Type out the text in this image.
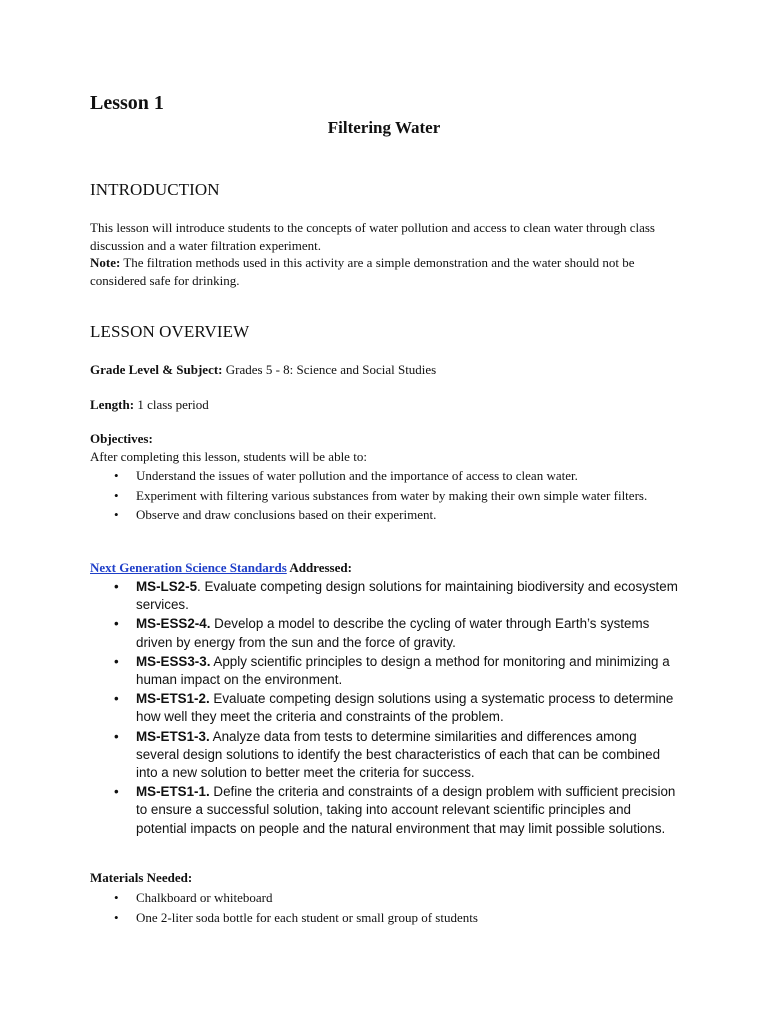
Lesson 1
Filtering Water
INTRODUCTION
This lesson will introduce students to the concepts of water pollution and access to clean water through class discussion and a water filtration experiment.
Note: The filtration methods used in this activity are a simple demonstration and the water should not be considered safe for drinking.
LESSON OVERVIEW
Grade Level & Subject: Grades 5 - 8: Science and Social Studies
Length: 1 class period
Objectives:
After completing this lesson, students will be able to:
• Understand the issues of water pollution and the importance of access to clean water.
• Experiment with filtering various substances from water by making their own simple water filters.
• Observe and draw conclusions based on their experiment.
Next Generation Science Standards Addressed:
• MS-LS2-5. Evaluate competing design solutions for maintaining biodiversity and ecosystem services.
• MS-ESS2-4. Develop a model to describe the cycling of water through Earth’s systems driven by energy from the sun and the force of gravity.
• MS-ESS3-3. Apply scientific principles to design a method for monitoring and minimizing a human impact on the environment.
• MS-ETS1-2. Evaluate competing design solutions using a systematic process to determine how well they meet the criteria and constraints of the problem.
• MS-ETS1-3. Analyze data from tests to determine similarities and differences among several design solutions to identify the best characteristics of each that can be combined into a new solution to better meet the criteria for success.
• MS-ETS1-1. Define the criteria and constraints of a design problem with sufficient precision to ensure a successful solution, taking into account relevant scientific principles and potential impacts on people and the natural environment that may limit possible solutions.
Materials Needed:
• Chalkboard or whiteboard
• One 2-liter soda bottle for each student or small group of students
